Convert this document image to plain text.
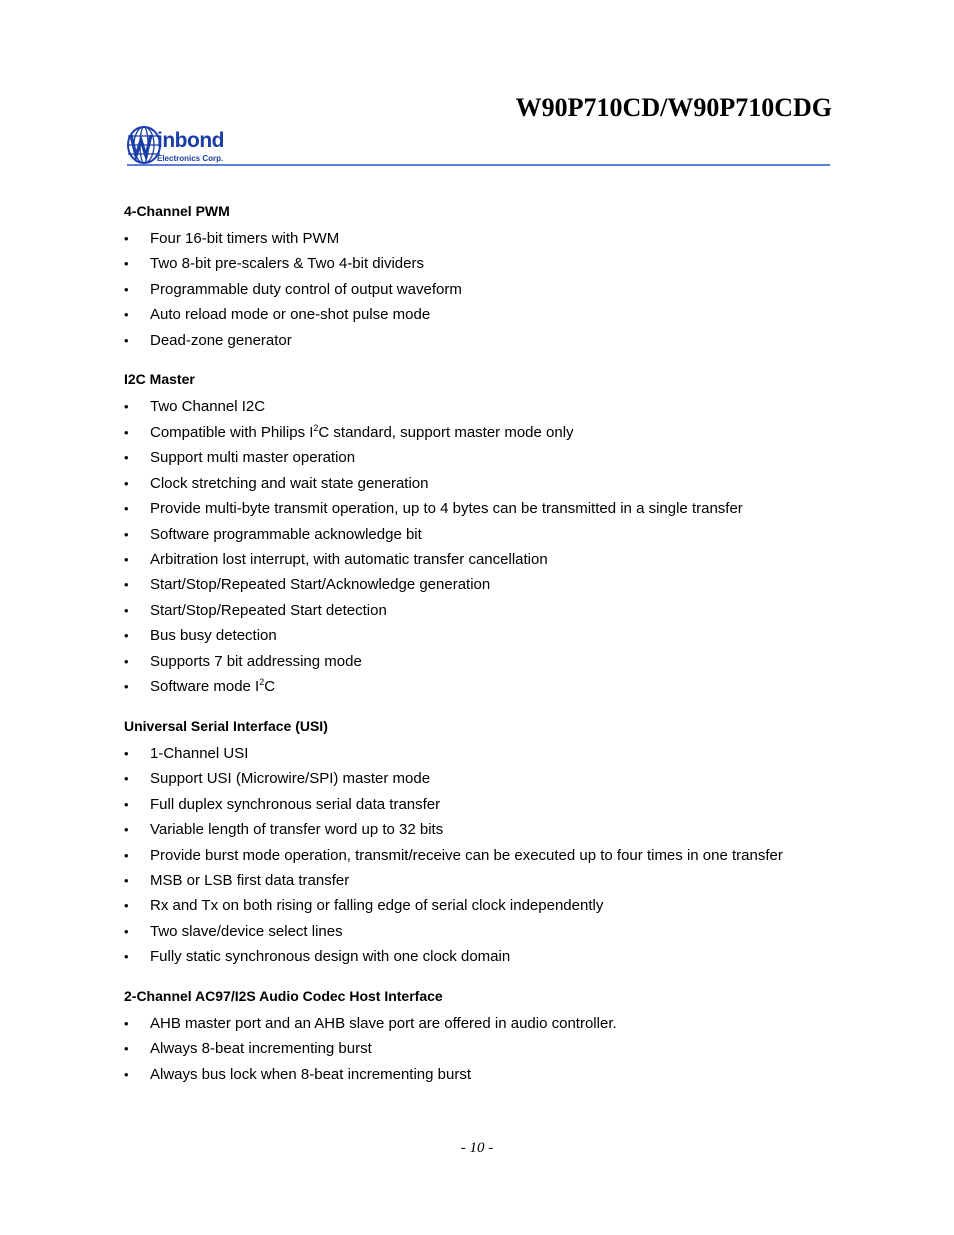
W90P710CD/W90P710CDG
inbond
Electronics Corp.
4-Channel PWM
• Four 16-bit timers with PWM
• Two 8-bit pre-scalers & Two 4-bit dividers
• Programmable duty control of output waveform
• Auto reload mode or one-shot pulse mode
• Dead-zone generator
I2C Master
• Two Channel I2C
• Compatible with Philips $I^2C$ standard, support master mode only
• Support multi master operation
• Clock stretching and wait state generation
• Provide multi-byte transmit operation, up to 4 bytes can be transmitted in a single transfer
• Software programmable acknowledge bit
• Arbitration lost interrupt, with automatic transfer cancellation
• Start/Stop/Repeated Start/Acknowledge generation
• Start/Stop/Repeated Start detection
• Bus busy detection
• Supports 7 bit addressing mode
• Software mode $I^2C$
Universal Serial Interface (USI)
• 1-Channel USI
• Support USI (Microwire/SPI) master mode
• Full duplex synchronous serial data transfer
• Variable length of transfer word up to 32 bits
• Provide burst mode operation, transmit/receive can be executed up to four times in one transfer
• MSB or LSB first data transfer
• Rx and Tx on both rising or falling edge of serial clock independently
• Two slave/device select lines
• Fully static synchronous design with one clock domain
2-Channel AC97/I2S Audio Codec Host Interface
• AHB master port and an AHB slave port are offered in audio controller.
• Always 8-beat incrementing burst
• Always bus lock when 8-beat incrementing burst
- 10 -
